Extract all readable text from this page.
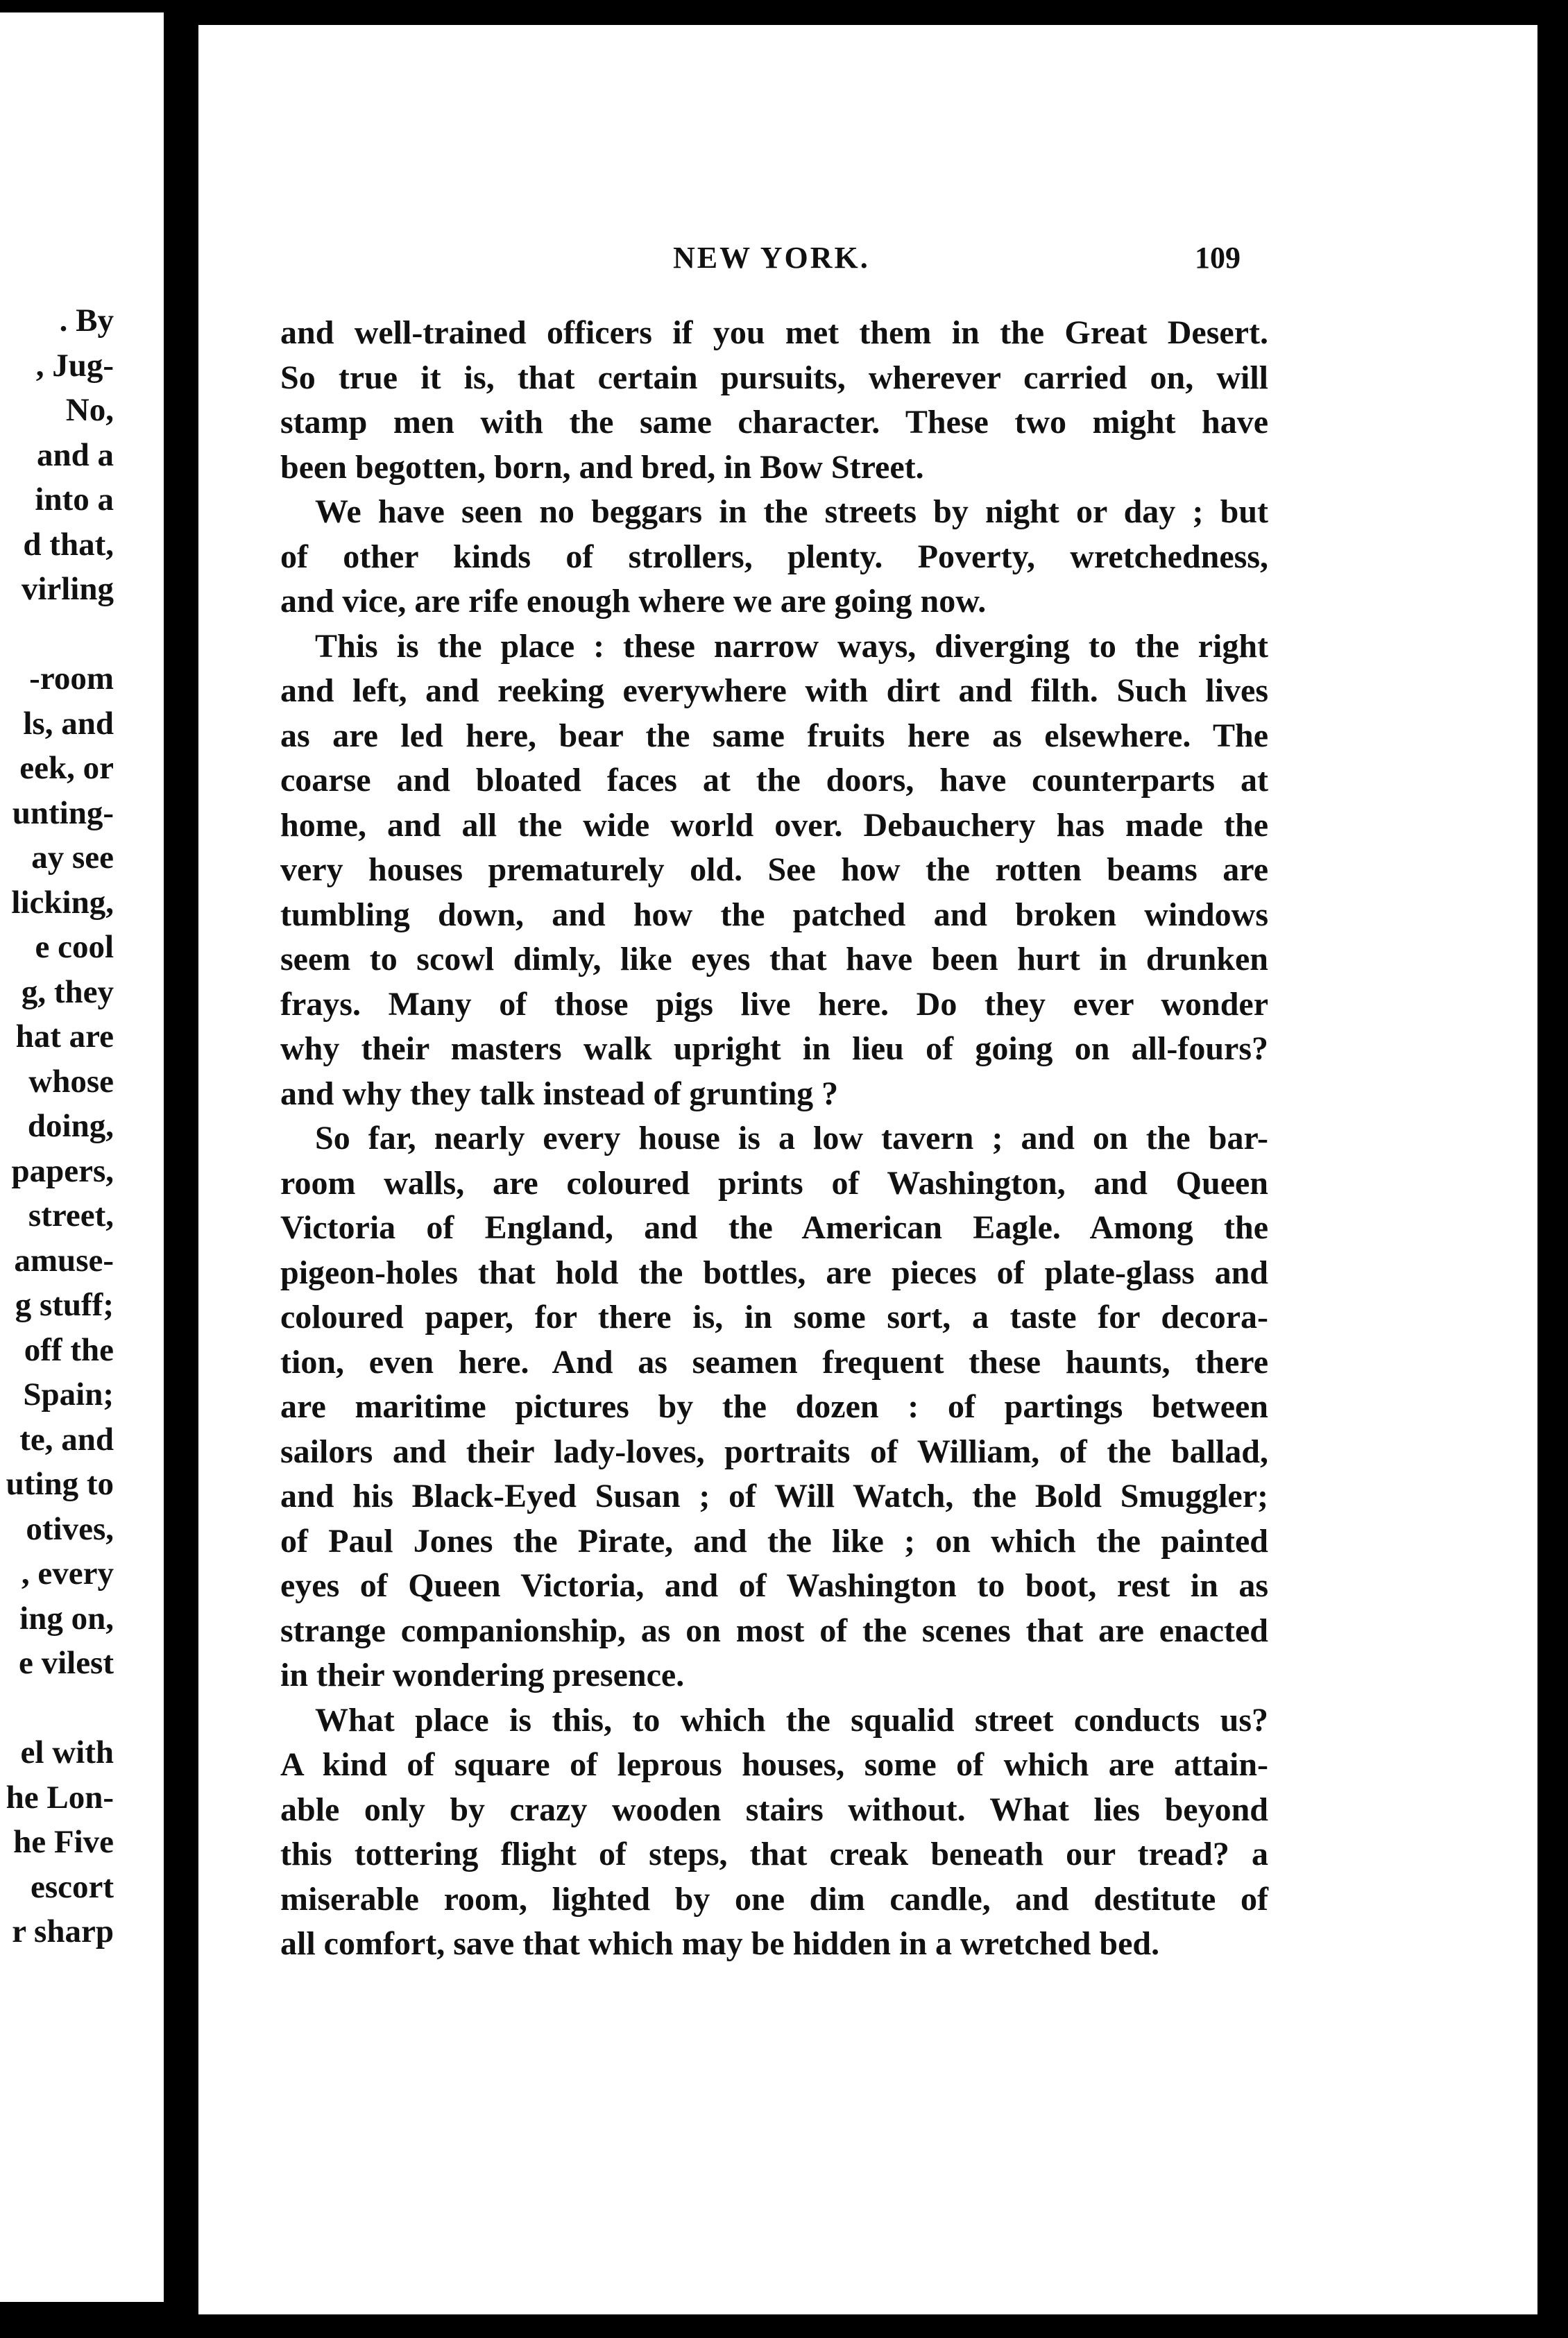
. By
, Jug-
No,
and a
into a
d that,
virling
-room
ls, and
eek, or
unting-
ay see
licking,
e cool
g, they
hat are
whose
doing,
papers,
street,
amuse-
g stuff;
off the
Spain;
te, and
uting to
otives,
, every
ing on,
e vilest
el with
he Lon-
he Five
escort
r sharp
NEW YORK.	109
and well-trained officers if you met them in the Great Desert.
So true it is, that certain pursuits, wherever carried on, will
stamp men with the same character. These two might have
been begotten, born, and bred, in Bow Street.
We have seen no beggars in the streets by night or day ; but
of other kinds of strollers, plenty. Poverty, wretchedness,
and vice, are rife enough where we are going now.
This is the place : these narrow ways, diverging to the right
and left, and reeking everywhere with dirt and filth. Such lives
as are led here, bear the same fruits here as elsewhere. The
coarse and bloated faces at the doors, have counterparts at
home, and all the wide world over. Debauchery has made the
very houses prematurely old. See how the rotten beams are
tumbling down, and how the patched and broken windows
seem to scowl dimly, like eyes that have been hurt in drunken
frays. Many of those pigs live here. Do they ever wonder
why their masters walk upright in lieu of going on all-fours?
and why they talk instead of grunting ?
So far, nearly every house is a low tavern ; and on the bar-
room walls, are coloured prints of Washington, and Queen
Victoria of England, and the American Eagle. Among the
pigeon-holes that hold the bottles, are pieces of plate-glass and
coloured paper, for there is, in some sort, a taste for decora-
tion, even here. And as seamen frequent these haunts, there
are maritime pictures by the dozen : of partings between
sailors and their lady-loves, portraits of William, of the ballad,
and his Black-Eyed Susan ; of Will Watch, the Bold Smuggler;
of Paul Jones the Pirate, and the like ; on which the painted
eyes of Queen Victoria, and of Washington to boot, rest in as
strange companionship, as on most of the scenes that are enacted
in their wondering presence.
What place is this, to which the squalid street conducts us?
A kind of square of leprous houses, some of which are attain-
able only by crazy wooden stairs without. What lies beyond
this tottering flight of steps, that creak beneath our tread? a
miserable room, lighted by one dim candle, and destitute of
all comfort, save that which may be hidden in a wretched bed.
